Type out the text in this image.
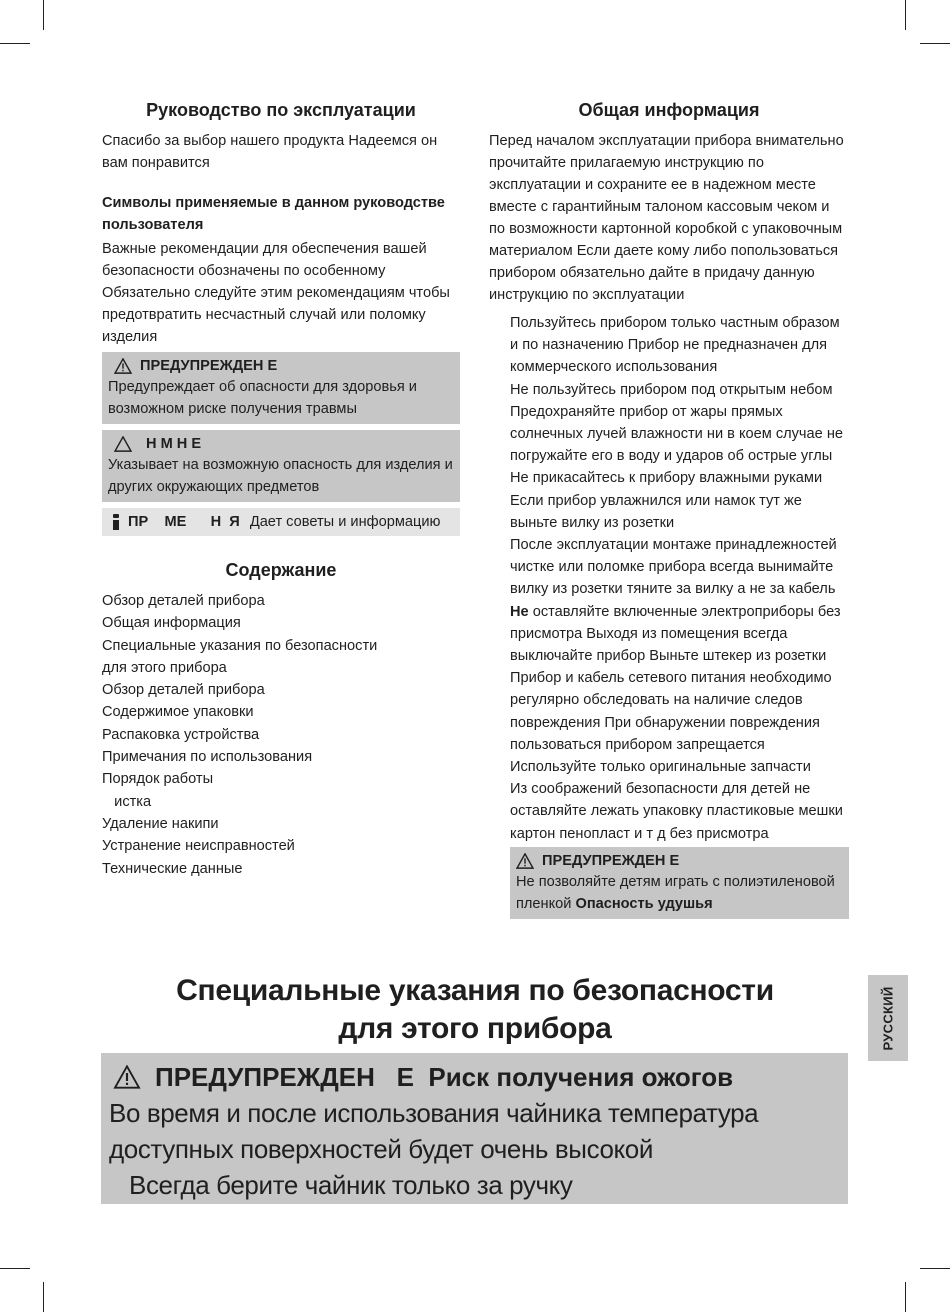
Руководство по эксплуатации

Спасибо за выбор нашего продукта Надеемся он вам понравится

Символы применяемые в данном руководстве пользователя

Важные рекомендации для обеспечения вашей безопасности обозначены по особенному Обязательно следуйте этим рекомендациям чтобы предотвратить несчастный случай или поломку изделия

ПРЕДУПРЕЖДЕН Е
Предупреждает об опасности для здоровья и возможном риске получения травмы
Н М Н Е
Указывает на возможную опасность для изделия и других окружающих предметов
ПР    МЕ      Н  Я Дает советы и информацию
Содержание
Обзор деталей прибора
Общая информация
Специальные указания по безопасности
для этого прибора
Обзор деталей прибора
Содержимое упаковки
Распаковка устройства
Примечания по использования
Порядок работы
истка
Удаление накипи
Устранение неисправностей
Технические данные
Общая информация

Перед началом эксплуатации прибора внимательно прочитайте прилагаемую инструкцию по эксплуатации и сохраните ее в надежном месте вместе с гарантийным талоном кассовым чеком и по возможности картонной коробкой с упаковочным материалом Если даете кому либо попользоваться прибором обязательно дайте в придачу данную инструкцию по эксплуатации

Пользуйтесь прибором только частным образом и по назначению Прибор не предназначен для коммерческого использования

Не пользуйтесь прибором под открытым небом Предохраняйте прибор от жары прямых солнечных лучей влажности ни в коем случае не погружайте его в воду и ударов об острые углы Не прикасайтесь к прибору влажными руками Если прибор увлажнился или намок тут же выньте вилку из розетки

После эксплуатации монтаже принадлежностей чистке или поломке прибора всегда вынимайте вилку из розетки тяните за вилку а не за кабель

Не оставляйте включенные электроприборы без присмотра Выходя из помещения всегда выключайте прибор Выньте штекер из розетки

Прибор и кабель сетевого питания необходимо регулярно обследовать на наличие следов повреждения При обнаружении повреждения пользоваться прибором запрещается

Используйте только оригинальные запчасти

Из соображений безопасности для детей не оставляйте лежать упаковку пластиковые мешки картон пенопласт и т д без присмотра

ПРЕДУПРЕЖДЕН Е
Не позволяйте детям играть с полиэтиленовой пленкой Опасность удушья
Специальные указания по безопасности
для этого прибора
ПРЕДУПРЕЖДЕН   Е  Риск получения ожогов
Во время и после использования чайника температура доступных поверхностей будет очень высокой
Всегда берите чайник только за ручку
РУССКИЙ
